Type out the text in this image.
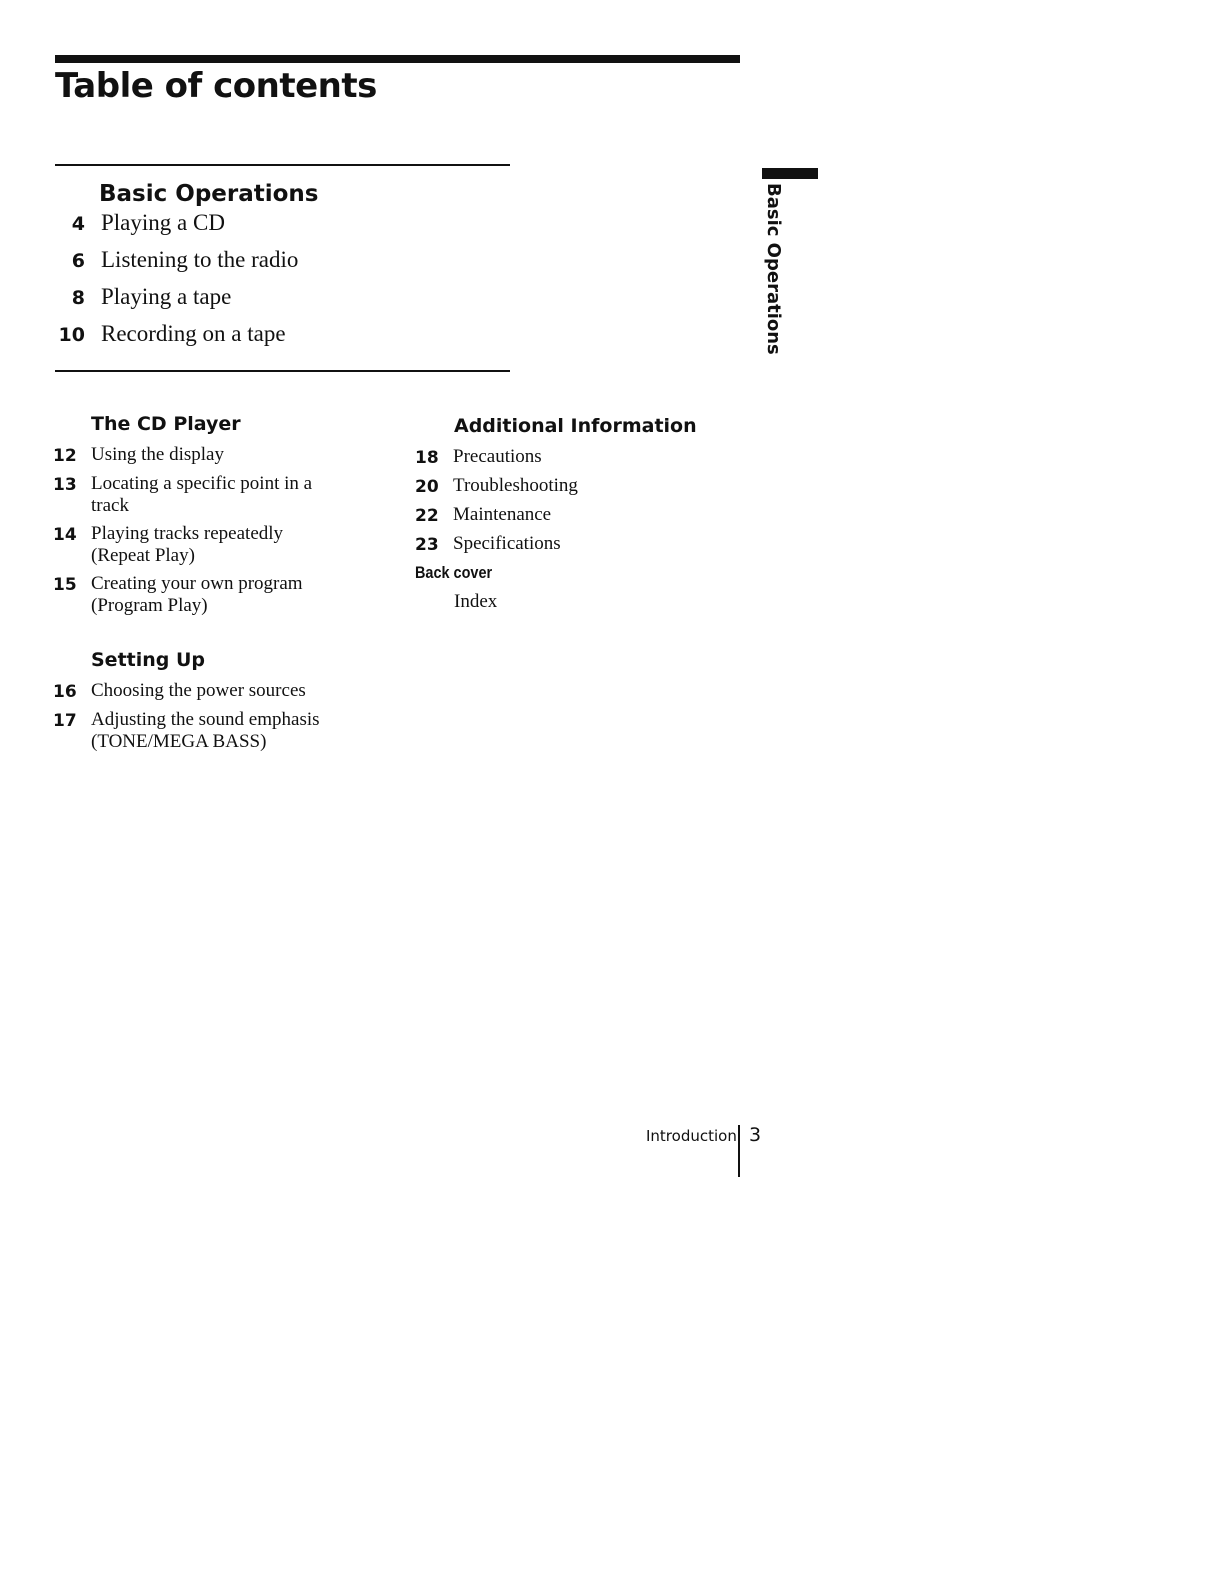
Table of contents
Basic Operations
4 Playing a CD
6 Listening to the radio
8 Playing a tape
10 Recording on a tape	Basic Operations
The CD Player
12 Using the display
13 Locating a specific point in a track
14 Playing tracks repeatedly (Repeat Play)
15 Creating your own program (Program Play)
Setting Up
16 Choosing the power sources
17 Adjusting the sound emphasis (TONE/MEGA BASS)
Additional Information
18 Precautions
20 Troubleshooting
22 Maintenance
23 Specifications
Back cover
Index
Introduction 3
